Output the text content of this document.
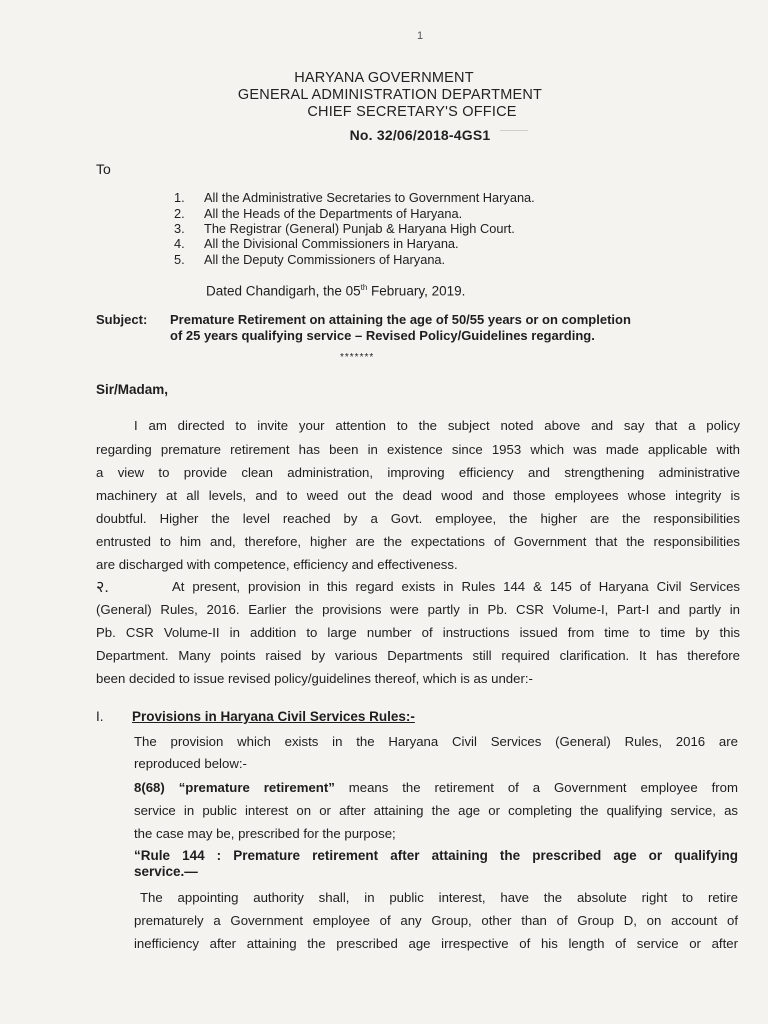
1
HARYANA GOVERNMENT
GENERAL ADMINISTRATION DEPARTMENT
CHIEF SECRETARY'S OFFICE
No. 32/06/2018-4GS1
To
1. All the Administrative Secretaries to Government Haryana.
2. All the Heads of the Departments of Haryana.
3. The Registrar (General) Punjab & Haryana High Court.
4. All the Divisional Commissioners in Haryana.
5. All the Deputy Commissioners of Haryana.
Dated Chandigarh, the 05th February, 2019.
Subject: Premature Retirement on attaining the age of 50/55 years or on completion
of 25 years qualifying service – Revised Policy/Guidelines regarding.
*******
Sir/Madam,
I am directed to invite your attention to the subject noted above and say that a policy
regarding premature retirement has been in existence since 1953 which was made applicable with
a view to provide clean administration, improving efficiency and strengthening administrative
machinery at all levels, and to weed out the dead wood and those employees whose integrity is
doubtful. Higher the level reached by a Govt. employee, the higher are the responsibilities
entrusted to him and, therefore, higher are the expectations of Government that the responsibilities
are discharged with competence, efficiency and effectiveness.
२.	At present, provision in this regard exists in Rules 144 & 145 of Haryana Civil Services
(General) Rules, 2016. Earlier the provisions were partly in Pb. CSR Volume-I, Part-I and partly in
Pb. CSR Volume-II in addition to large number of instructions issued from time to time by this
Department. Many points raised by various Departments still required clarification. It has therefore
been decided to issue revised policy/guidelines thereof, which is as under:-
I. Provisions in Haryana Civil Services Rules:-
The provision which exists in the Haryana Civil Services (General) Rules, 2016 are
reproduced below:-
8(68) “premature retirement” means the retirement of a Government employee from
service in public interest on or after attaining the age or completing the qualifying service, as
the case may be, prescribed for the purpose;
“Rule 144 : Premature retirement after attaining the prescribed age or qualifying
service.—
The appointing authority shall, in public interest, have the absolute right to retire
prematurely a Government employee of any Group, other than of Group D, on account of
inefficiency after attaining the prescribed age irrespective of his length of service or after
